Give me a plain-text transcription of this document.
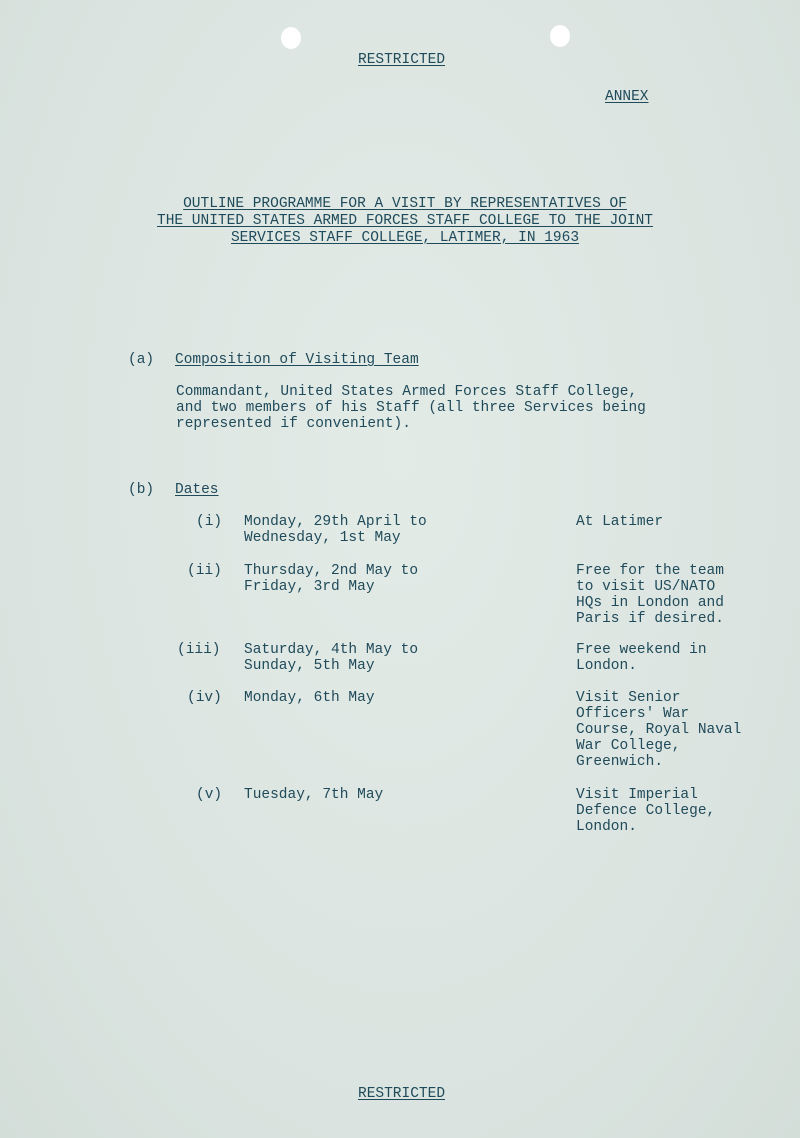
RESTRICTED
ANNEX
OUTLINE PROGRAMME FOR A VISIT BY REPRESENTATIVES OF
THE UNITED STATES ARMED FORCES STAFF COLLEGE TO THE JOINT
SERVICES STAFF COLLEGE, LATIMER, IN 1963
(a) Composition of Visiting Team
Commandant, United States Armed Forces Staff College,
and two members of his Staff (all three Services being
represented if convenient).
(b) Dates
(i) Monday, 29th April to
Wednesday, 1st May
At Latimer
(ii) Thursday, 2nd May to
Friday, 3rd May
Free for the team
to visit US/NATO
HQs in London and
Paris if desired.
(iii) Saturday, 4th May to
Sunday, 5th May
Free weekend in
London.
(iv) Monday, 6th May	Visit Senior
Officers' War
Course, Royal Naval
War College,
Greenwich.
(v) Tuesday, 7th May	Visit Imperial
Defence College,
London.
RESTRICTED
